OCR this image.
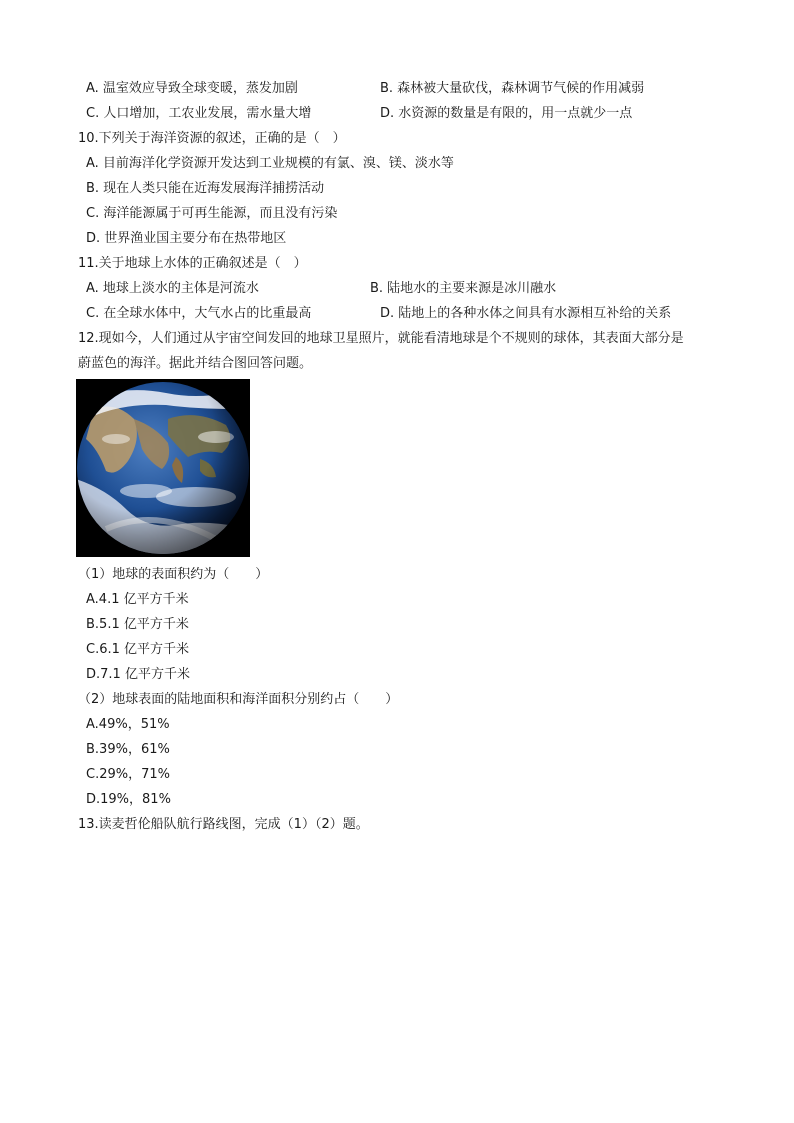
A. 温室效应导致全球变暖，蒸发加剧	B. 森林被大量砍伐，森林调节气候的作用减弱
C. 人口增加，工农业发展，需水量大增	D. 水资源的数量是有限的，用一点就少一点
10.下列关于海洋资源的叙述，正确的是（　）
A. 目前海洋化学资源开发达到工业规模的有氯、溴、镁、淡水等
B. 现在人类只能在近海发展海洋捕捞活动
C. 海洋能源属于可再生能源，而且没有污染
D. 世界渔业国主要分布在热带地区
11.关于地球上水体的正确叙述是（　）
A. 地球上淡水的主体是河流水	B. 陆地水的主要来源是冰川融水
C. 在全球水体中，大气水占的比重最高	D. 陆地上的各种水体之间具有水源相互补给的关系
12.现如今，人们通过从宇宙空间发回的地球卫星照片，就能看清地球是个不规则的球体，其表面大部分是
蔚蓝色的海洋。据此并结合图回答问题。
（1）地球的表面积约为（　　）
A.4.1 亿平方千米
B.5.1 亿平方千米
C.6.1 亿平方千米
D.7.1 亿平方千米
（2）地球表面的陆地面积和海洋面积分别约占（　　）
A.49%，51%
B.39%，61%
C.29%，71%
D.19%，81%
13.读麦哲伦船队航行路线图，完成（1）（2）题。
